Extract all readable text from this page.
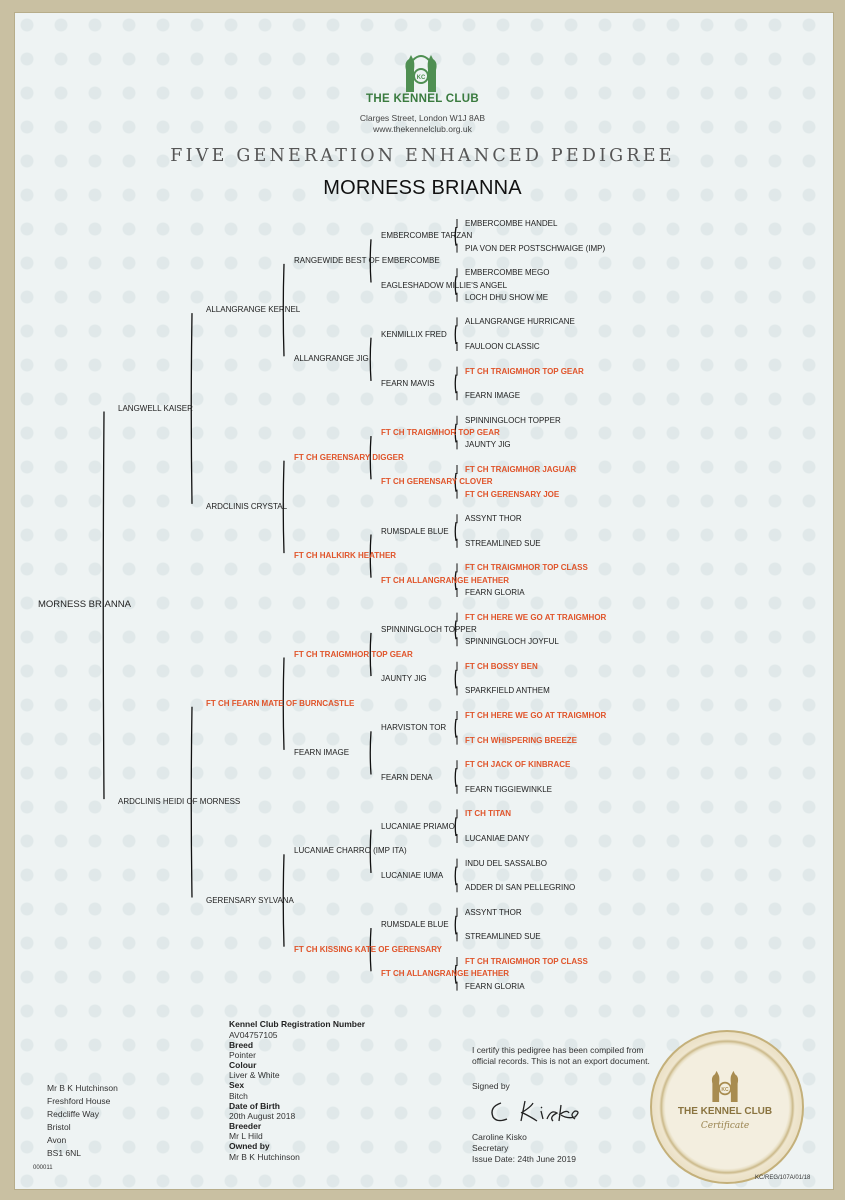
KC
THE KENNEL CLUB
Clarges Street, London W1J 8AB
www.thekennelclub.org.uk
FIVE GENERATION ENHANCED PEDIGREE
MORNESS BRIANNA
MORNESS BRIANNA
LANGWELL KAISER
ARDCLINIS HEIDI OF MORNESS
ALLANGRANGE KERNEL
ARDCLINIS CRYSTAL
FT CH FEARN MATE OF BURNCASTLE
GERENSARY SYLVANA
RANGEWIDE BEST OF EMBERCOMBE
ALLANGRANGE JIG
FT CH GERENSARY DIGGER
FT CH HALKIRK HEATHER
FT CH TRAIGMHOR TOP GEAR
FEARN IMAGE
LUCANIAE CHARRO (IMP ITA)
FT CH KISSING KATE OF GERENSARY
EMBERCOMBE TARZAN
EAGLESHADOW MILLIE'S ANGEL
KENMILLIX FRED
FEARN MAVIS
FT CH TRAIGMHOR TOP GEAR
FT CH GERENSARY CLOVER
RUMSDALE BLUE
FT CH ALLANGRANGE HEATHER
SPINNINGLOCH TOPPER
JAUNTY JIG
HARVISTON TOR
FEARN DENA
LUCANIAE PRIAMO
LUCANIAE IUMA
RUMSDALE BLUE
FT CH ALLANGRANGE HEATHER
EMBERCOMBE HANDEL
PIA VON DER POSTSCHWAIGE (IMP)
EMBERCOMBE MEGO
LOCH DHU SHOW ME
ALLANGRANGE HURRICANE
FAULOON CLASSIC
FT CH TRAIGMHOR TOP GEAR
FEARN IMAGE
SPINNINGLOCH TOPPER
JAUNTY JIG
FT CH TRAIGMHOR JAGUAR
FT CH GERENSARY JOE
ASSYNT THOR
STREAMLINED SUE
FT CH TRAIGMHOR TOP CLASS
FEARN GLORIA
FT CH HERE WE GO AT TRAIGMHOR
SPINNINGLOCH JOYFUL
FT CH BOSSY BEN
SPARKFIELD ANTHEM
FT CH HERE WE GO AT TRAIGMHOR
FT CH WHISPERING BREEZE
FT CH JACK OF KINBRACE
FEARN TIGGIEWINKLE
IT CH TITAN
LUCANIAE DANY
INDU DEL SASSALBO
ADDER DI SAN PELLEGRINO
ASSYNT THOR
STREAMLINED SUE
FT CH TRAIGMHOR TOP CLASS
FEARN GLORIA
Kennel Club Registration Number
AV04757105
Breed
Pointer
Colour
Liver & White
Sex
Bitch
Date of Birth
20th August 2018
Breeder
Mr L Hild
Owned by
Mr B K Hutchinson
Mr B K Hutchinson
Freshford House
Redcliffe Way
Bristol
Avon
BS1 6NL
I certify this pedigree has been compiled from
official records. This is not an export document.
Signed by
Caroline Kisko
Secretary
Issue Date: 24th June 2019
KC
THE KENNEL CLUB
Certificate
000011
KC/REG/107A/01/18
